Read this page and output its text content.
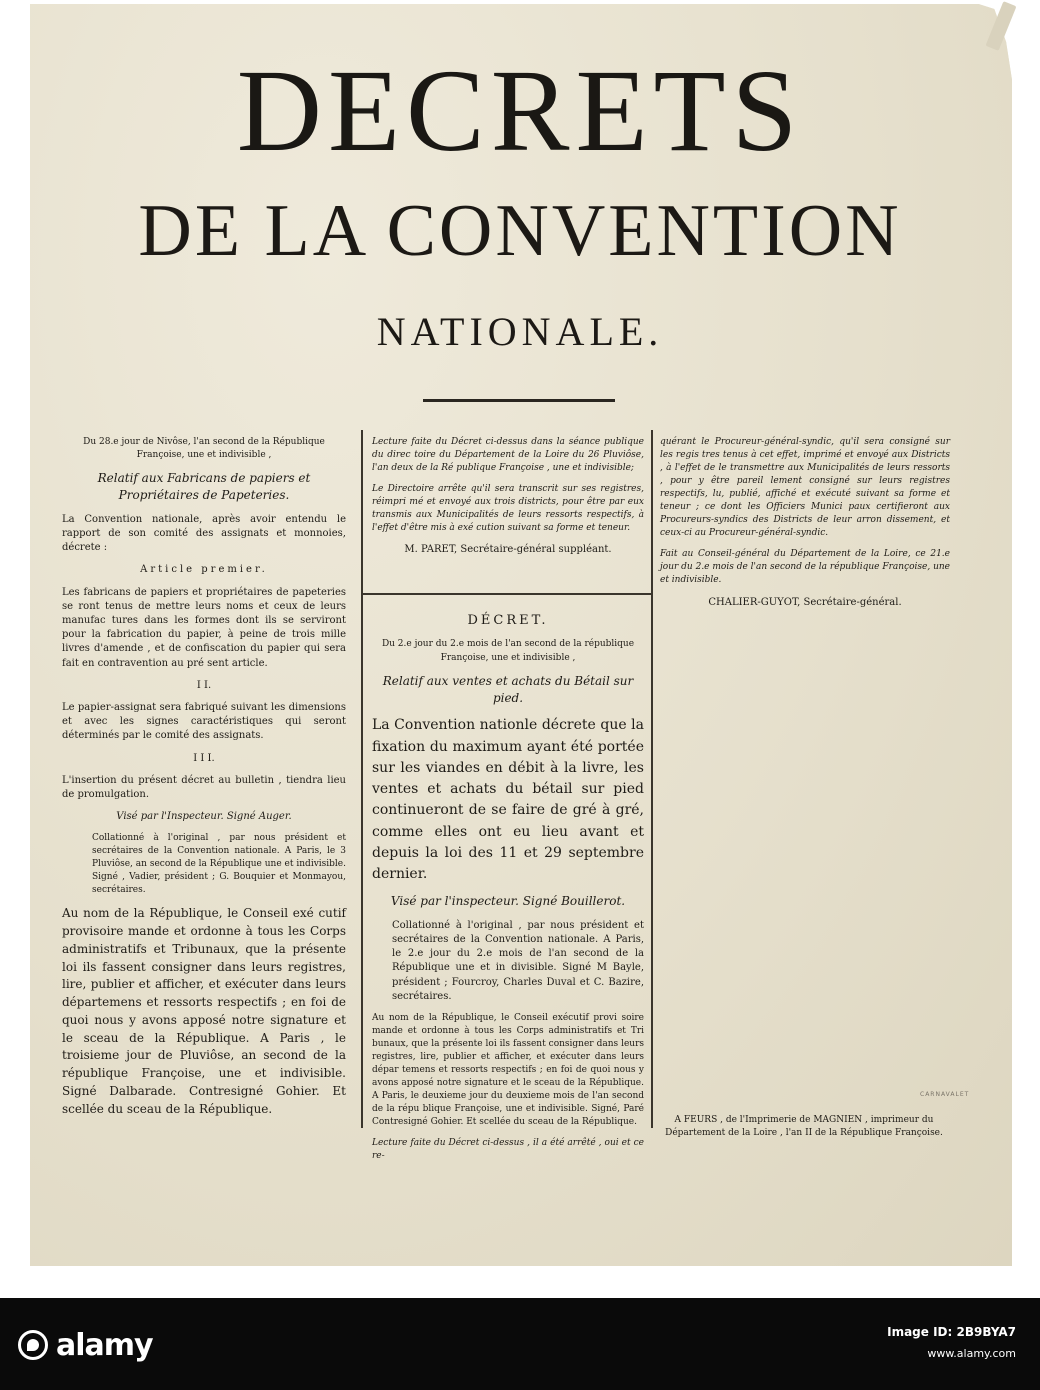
DECRETS
DE LA CONVENTION
NATIONALE.

Du 28.e jour de Nivôse, l'an second de la République Françoise, une et indivisible ,

Relatif aux Fabricans de papiers et Propriétaires de Papeteries.

La Convention nationale, après avoir entendu le rapport de son comité des assignats et monnoies, décrete :

Article premier.

Les fabricans de papiers et propriétaires de papeteries se ront tenus de mettre leurs noms et ceux de leurs manufac tures dans les formes dont ils se serviront pour la fabrication du papier, à peine de trois mille livres d'amende , et de confiscation du papier qui sera fait en contravention au pré sent article.

I I.

Le papier-assignat sera fabriqué suivant les dimensions et avec les signes caractéristiques qui seront déterminés par le comité des assignats.

I I I.

L'insertion du présent décret au bulletin , tiendra lieu de promulgation.

Visé par l'Inspecteur. Signé Auger.

Collationné à l'original , par nous président et secrétaires de la Convention nationale. A Paris, le 3 Pluviôse, an second de la République une et indivisible. Signé , Vadier, président ; G. Bouquier et Monmayou, secrétaires.

Au nom de la République, le Conseil exé cutif provisoire mande et ordonne à tous les Corps administratifs et Tribunaux, que la présente loi ils fassent consigner dans leurs registres, lire, publier et afficher, et exécuter dans leurs départemens et ressorts respectifs ; en foi de quoi nous y avons apposé notre signature et le sceau de la République. A Paris , le troisieme jour de Pluviôse, an second de la république Françoise, une et indivisible. Signé Dalbarade. Contresigné Gohier. Et scellée du sceau de la République.

Lecture faite du Décret ci-dessus dans la séance publique du direc toire du Département de la Loire du 26 Pluviôse, l'an deux de la Ré publique Françoise , une et indivisible;

Le Directoire arrête qu'il sera transcrit sur ses registres, réimpri mé et envoyé aux trois districts, pour être par eux transmis aux Municipalités de leurs ressorts respectifs, à l'effet d'être mis à exé cution suivant sa forme et teneur.

M. PARET, Secrétaire-général suppléant.

DÉCRET.

Du 2.e jour du 2.e mois de l'an second de la république Françoise, une et indivisible ,

Relatif aux ventes et achats du Bétail sur pied.

La Convention nationle décrete que la fixation du maximum ayant été portée sur les viandes en débit à la livre, les ventes et achats du bétail sur pied continueront de se faire de gré à gré, comme elles ont eu lieu avant et depuis la loi des 11 et 29 septembre dernier.

Visé par l'inspecteur. Signé Bouillerot.

Collationné à l'original , par nous président et secrétaires de la Convention nationale. A Paris, le 2.e jour du 2.e mois de l'an second de la République une et in divisible. Signé M Bayle, président ; Fourcroy, Charles Duval et C. Bazire, secrétaires.

Au nom de la République, le Conseil exécutif provi soire mande et ordonne à tous les Corps administratifs et Tri bunaux, que la présente loi ils fassent consigner dans leurs registres, lire, publier et afficher, et exécuter dans leurs dépar temens et ressorts respectifs ; en foi de quoi nous y avons apposé notre signature et le sceau de la République. A Paris, le deuxieme jour du deuxieme mois de l'an second de la répu blique Françoise, une et indivisible. Signé, Paré Contresigné Gohier. Et scellée du sceau de la République.

Lecture faite du Décret ci-dessus , il a été arrêté , oui et ce re-

quérant le Procureur-général-syndic, qu'il sera consigné sur les regis tres tenus à cet effet, imprimé et envoyé aux Districts , à l'effet de le transmettre aux Municipalités de leurs ressorts , pour y être pareil lement consigné sur leurs registres respectifs, lu, publié, affiché et exécuté suivant sa forme et teneur ; ce dont les Officiers Munici paux certifieront aux Procureurs-syndics des Districts de leur arron dissement, et ceux-ci au Procureur-général-syndic.

Fait au Conseil-général du Département de la Loire, ce 21.e jour du 2.e mois de l'an second de la république Françoise, une et indivisible.

CHALIER-GUYOT, Secrétaire-général.

A FEURS , de l'Imprimerie de MAGNIEN , imprimeur du Département de la Loire , l'an II de la République Françoise.

CARNAVALET
alamy	Image ID: 2B9BYA7
www.alamy.com
